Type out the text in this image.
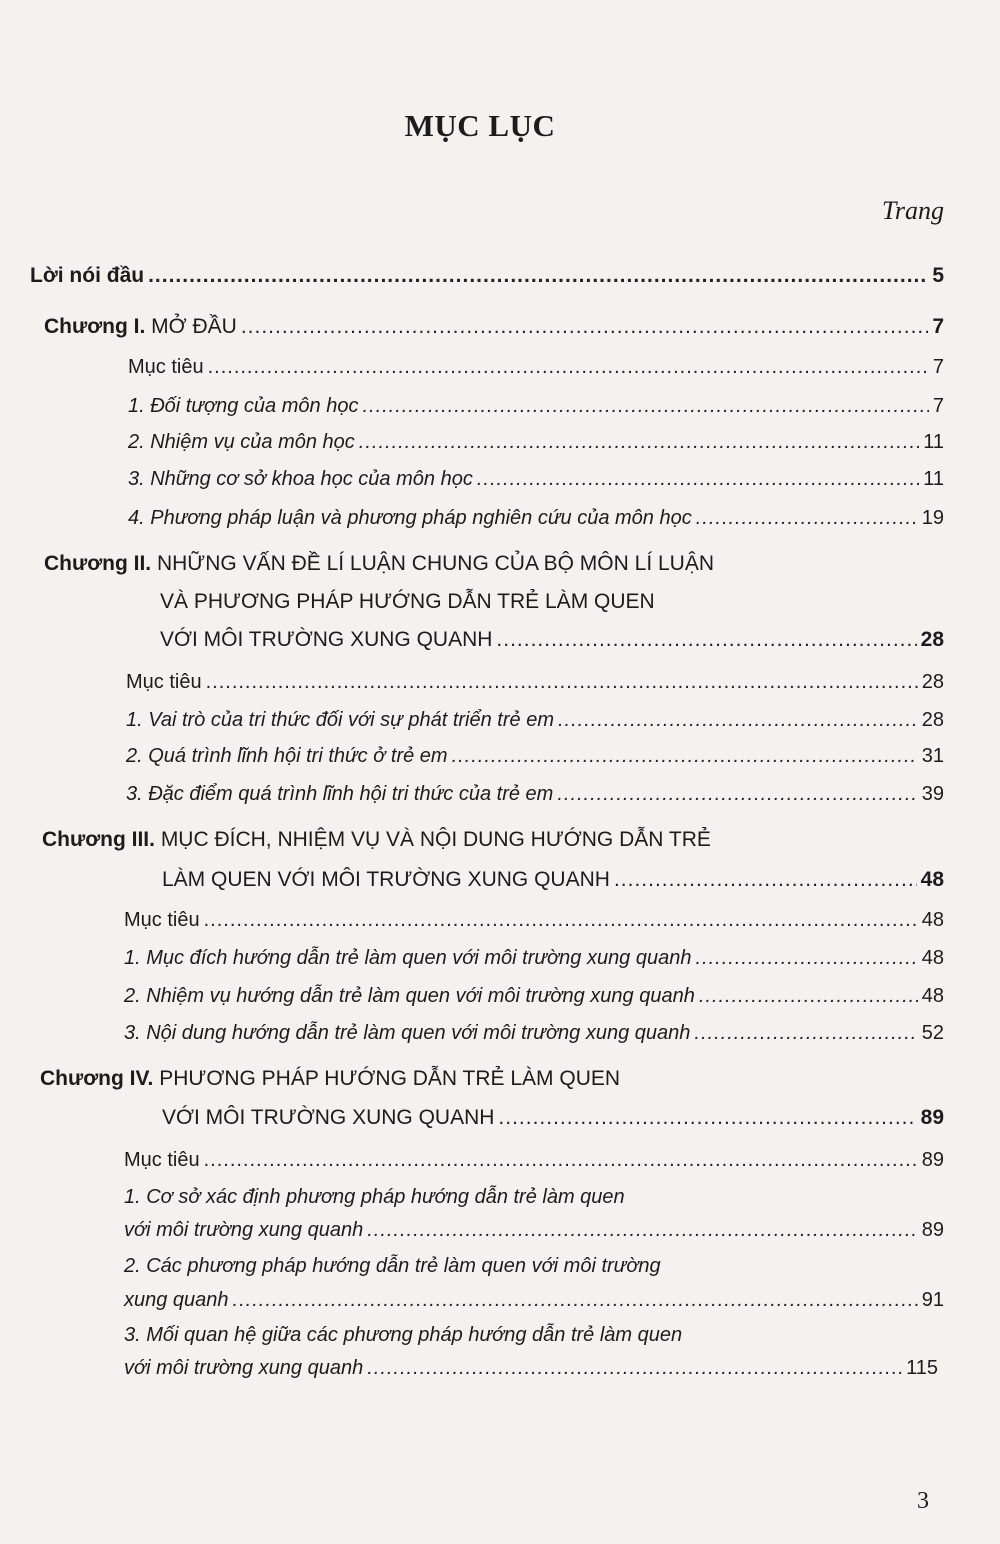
MỤC LỤC
Trang
Lời nói đầu .....	5
Chương I.
MỞ ĐẦU .....	7
Mục tiêu .....	7
1. Đối tượng của môn học .....	7
2. Nhiệm vụ của môn học .....	11
3. Những cơ sở khoa học của môn học .....	11
4. Phương pháp luận và phương pháp nghiên cứu của môn học .....	19
Chương II. NHỮNG VẤN ĐỀ LÍ LUẬN CHUNG CỦA BỘ MÔN LÍ LUẬN
VÀ PHƯƠNG PHÁP HƯỚNG DẪN TRẺ LÀM QUEN
VỚI MÔI TRƯỜNG XUNG QUANH .....	28
Mục tiêu .....	28
1. Vai trò của tri thức đối với sự phát triển trẻ em .....	28
2. Quá trình lĩnh hội tri thức ở trẻ em .....	31
3. Đặc điểm quá trình lĩnh hội tri thức của trẻ em .....	39
Chương III. MỤC ĐÍCH, NHIỆM VỤ VÀ NỘI DUNG HƯỚNG DẪN TRẺ
LÀM QUEN VỚI MÔI TRƯỜNG XUNG QUANH .....	48
Mục tiêu .....	48
1. Mục đích hướng dẫn trẻ làm quen với môi trường xung quanh .....	48
2. Nhiệm vụ hướng dẫn trẻ làm quen với môi trường xung quanh .....	48
3. Nội dung hướng dẫn trẻ làm quen với môi trường xung quanh .....	52
Chương IV. PHƯƠNG PHÁP HƯỚNG DẪN TRẺ LÀM QUEN
VỚI MÔI TRƯỜNG XUNG QUANH .....	89
Mục tiêu .....	89
1. Cơ sở xác định phương pháp hướng dẫn trẻ làm quen
với môi trường xung quanh .....	89
2. Các phương pháp hướng dẫn trẻ làm quen với môi trường
xung quanh .....	91
3. Mối quan hệ giữa các phương pháp hướng dẫn trẻ làm quen
với môi trường xung quanh .....	115
3
